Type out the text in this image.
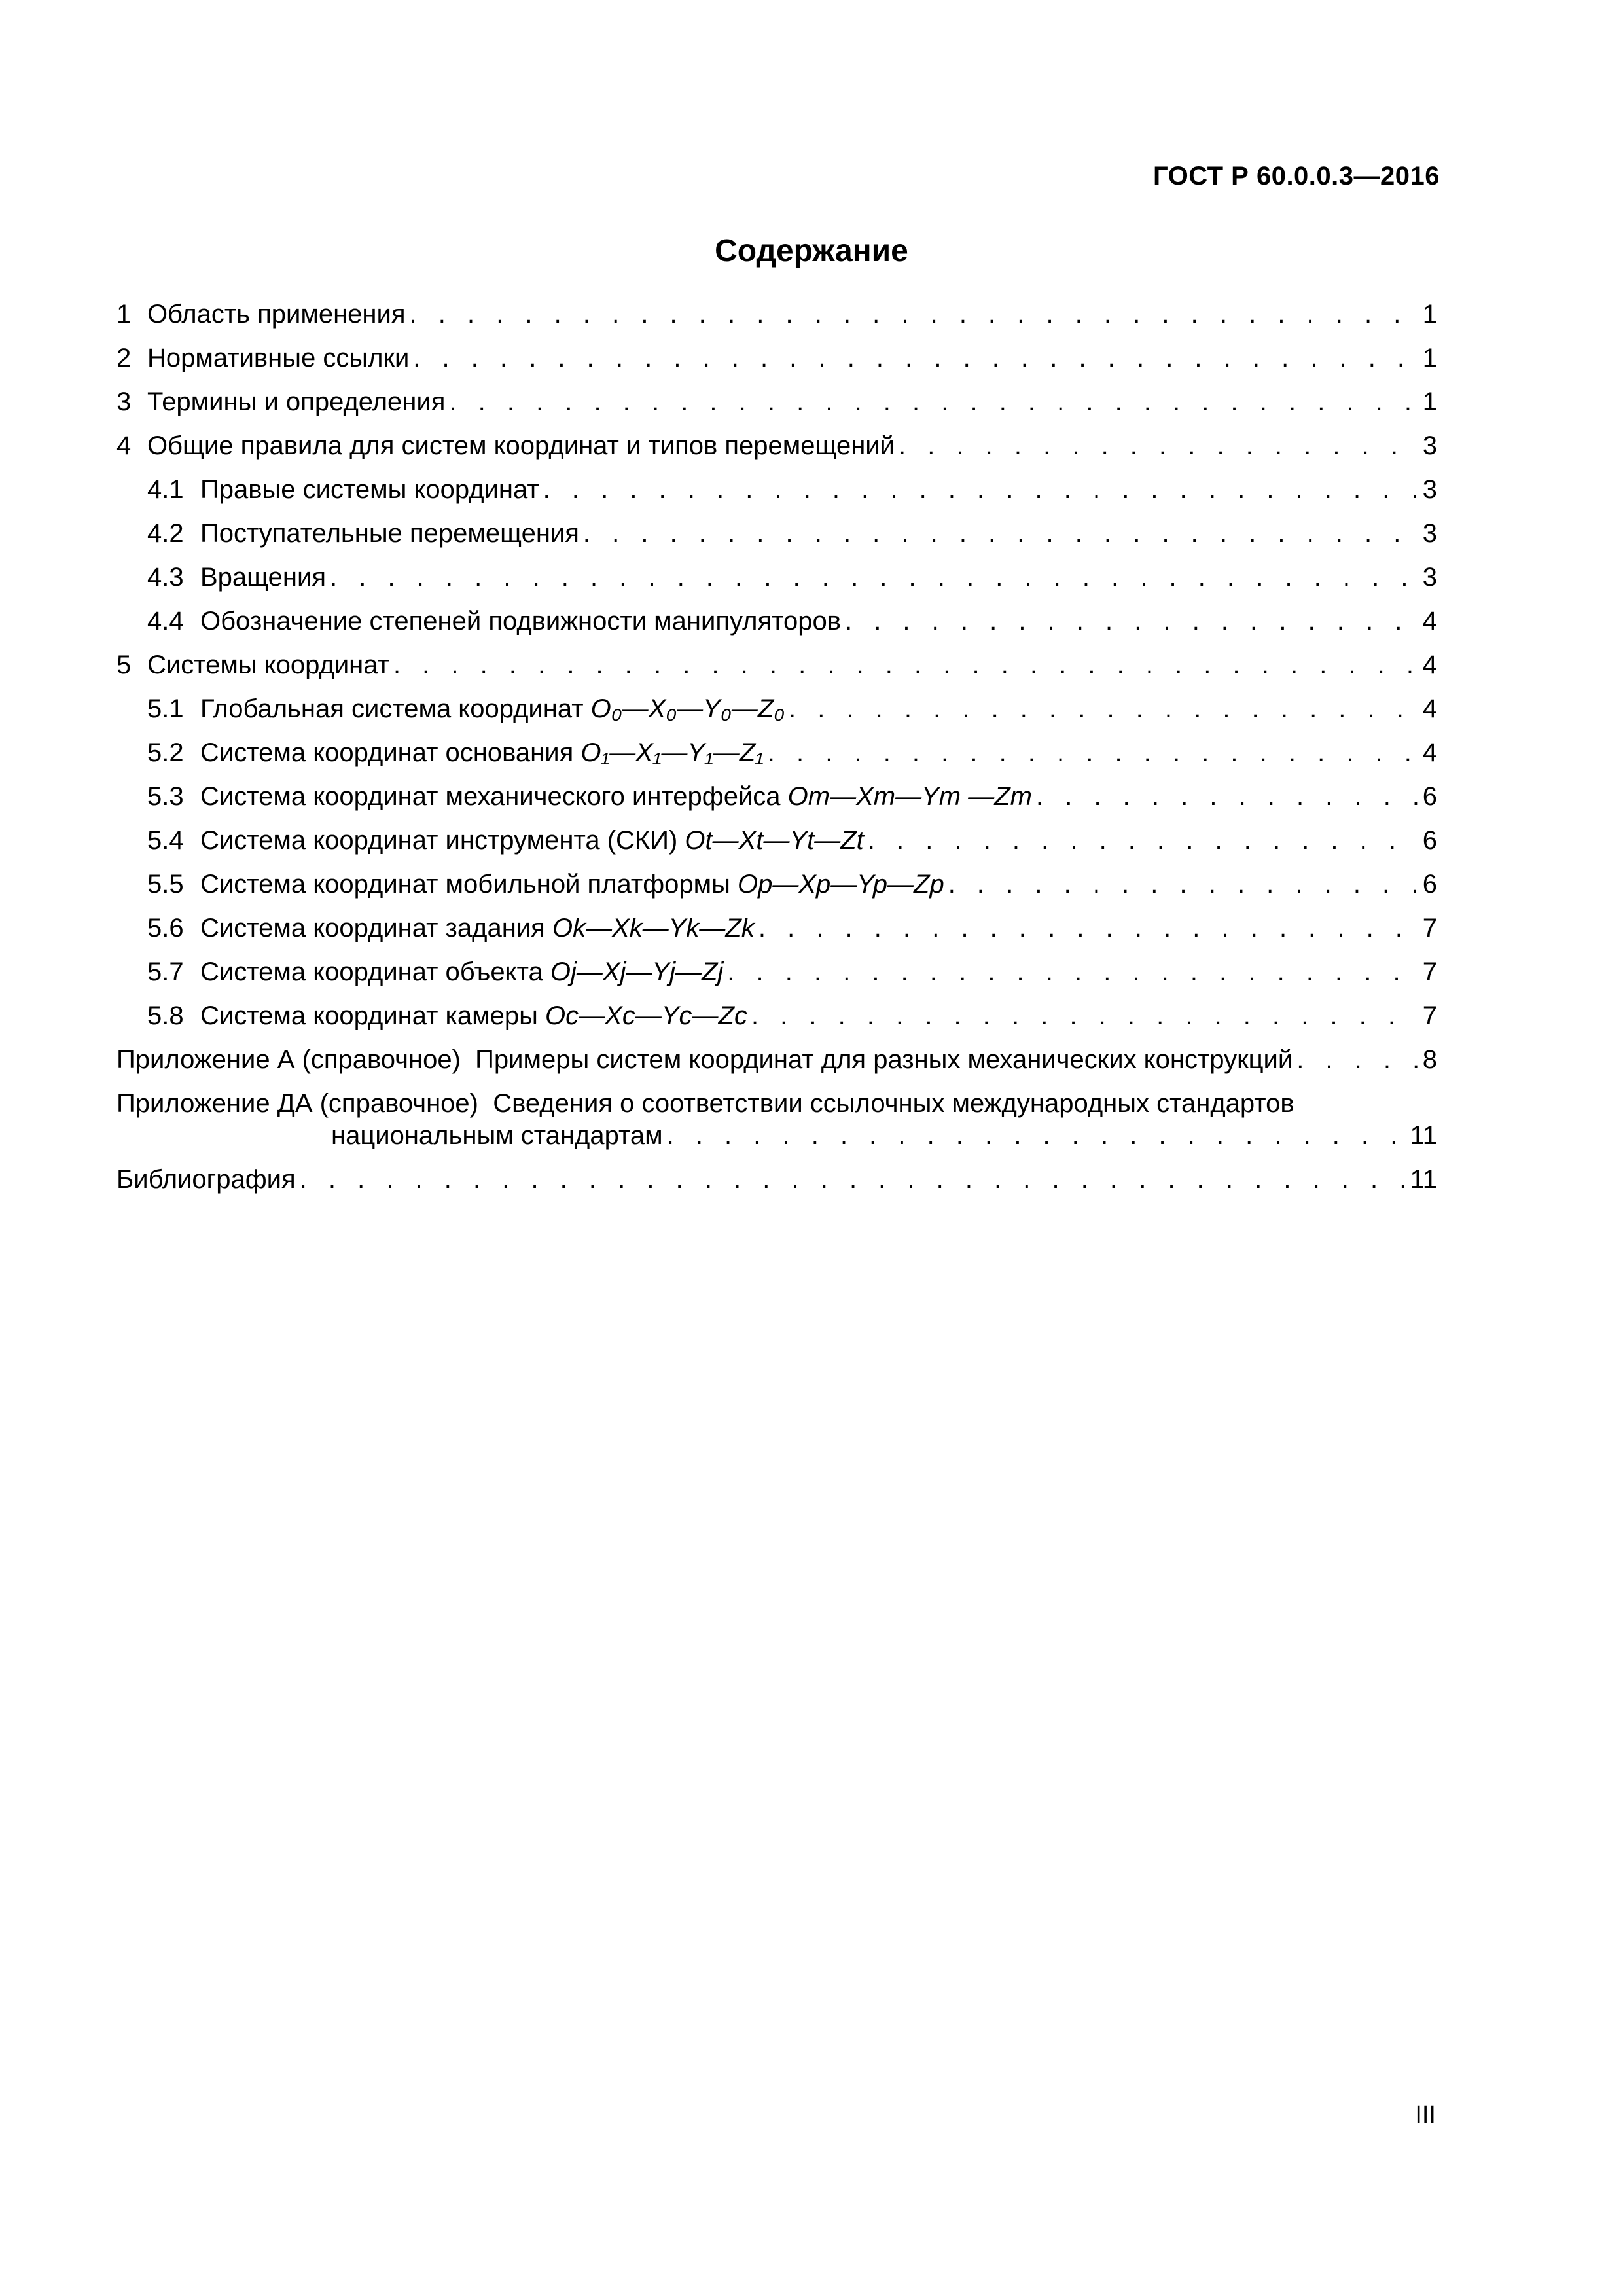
ГОСТ Р 60.0.0.3—2016
Содержание
1 Область применения . . .	1
2 Нормативные ссылки . . .	1
3 Термины и определения . . .	1
4 Общие правила для систем координат и типов перемещений . . .	3
4.1 Правые системы координат . . .	3
4.2 Поступательные перемещения . . .	3
4.3 Вращения . . .	3
4.4 Обозначение степеней подвижности манипуляторов . . .	4
5 Системы координат . . .	4
5.1 Глобальная система координат O₀—X₀—Y₀—Z₀ . . .	4
5.2 Система координат основания O₁—X₁—Y₁—Z₁ . . .	4
5.3 Система координат механического интерфейса Om—Xm—Ym —Zm . . .	6
5.4 Система координат инструмента (СКИ) Ot—Xt—Yt—Zt . . .	6
5.5 Система координат мобильной платформы Op—Xp—Yp—Zp . . .	6
5.6 Система координат задания Ok—Xk—Yk—Zk . . .	7
5.7 Система координат объекта Oj—Xj—Yj—Zj . . .	7
5.8 Система координат камеры Oc—Xc—Yc—Zc . . .	7
Приложение А (справочное) Примеры систем координат для разных механических конструкций . . .	8
Приложение ДА (справочное) Сведения о соответствии ссылочных международных стандартов
национальным стандартам . . .	11
Библиография . . .	11
III
